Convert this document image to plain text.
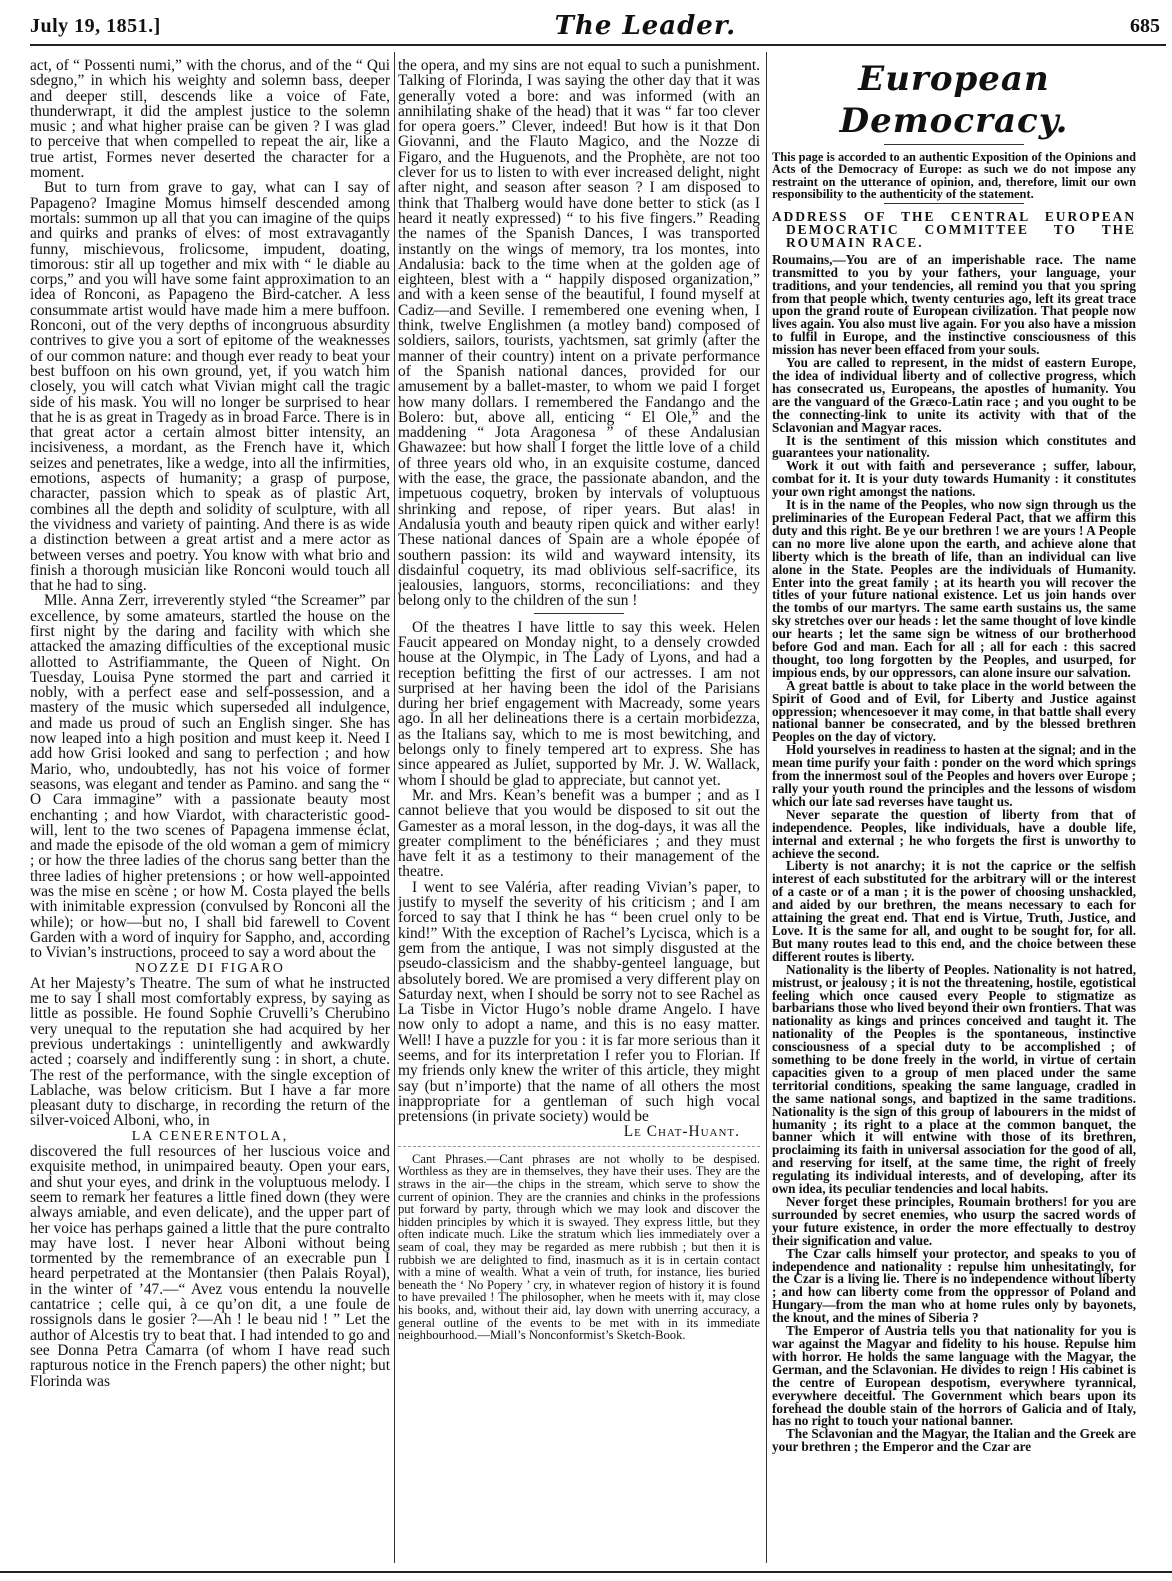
July 19, 1851.]	The Leader.	685

act, of “ Possenti numi,” with the chorus, and of the “ Qui sdegno,” in which his weighty and solemn bass, deeper and deeper still, descends like a voice of Fate, thunderwrapt, it did the amplest justice to the solemn music ; and what higher praise can be given ? I was glad to perceive that when compelled to repeat the air, like a true artist, Formes never deserted the character for a moment.

But to turn from grave to gay, what can I say of Papageno? Imagine Momus himself descended among mortals: summon up all that you can imagine of the quips and quirks and pranks of elves: of most extravagantly funny, mischievous, frolicsome, impudent, doating, timorous: stir all up together and mix with “ le diable au corps,” and you will have some faint approximation to an idea of Ronconi, as Papageno the Bird-catcher. A less consummate artist would have made him a mere buffoon. Ronconi, out of the very depths of incongruous absurdity contrives to give you a sort of epitome of the weaknesses of our common nature: and though ever ready to beat your best buffoon on his own ground, yet, if you watch him closely, you will catch what Vivian might call the tragic side of his mask. You will no longer be surprised to hear that he is as great in Tragedy as in broad Farce. There is in that great actor a certain almost bitter intensity, an incisiveness, a mordant, as the French have it, which seizes and penetrates, like a wedge, into all the infirmities, emotions, aspects of humanity; a grasp of purpose, character, passion which to speak as of plastic Art, combines all the depth and solidity of sculpture, with all the vividness and variety of painting. And there is as wide a distinction between a great artist and a mere actor as between verses and poetry. You know with what brio and finish a thorough musician like Ronconi would touch all that he had to sing.

Mlle. Anna Zerr, irreverently styled “the Screamer” par excellence, by some amateurs, startled the house on the first night by the daring and facility with which she attacked the amazing difficulties of the exceptional music allotted to Astrifiammante, the Queen of Night. On Tuesday, Louisa Pyne stormed the part and carried it nobly, with a perfect ease and self-possession, and a mastery of the music which superseded all indulgence, and made us proud of such an English singer. She has now leaped into a high position and must keep it. Need I add how Grisi looked and sang to perfection ; and how Mario, who, undoubtedly, has not his voice of former seasons, was elegant and tender as Pamino. and sang the “ O Cara immagine” with a passionate beauty most enchanting ; and how Viardot, with characteristic good-will, lent to the two scenes of Papagena immense éclat, and made the episode of the old woman a gem of mimicry ; or how the three ladies of the chorus sang better than the three ladies of higher pretensions ; or how well-appointed was the mise en scène ; or how M. Costa played the bells with inimitable expression (convulsed by Ronconi all the while); or how—but no, I shall bid farewell to Covent Garden with a word of inquiry for Sappho, and, according to Vivian’s instructions, proceed to say a word about the

NOZZE DI FIGARO

At her Majesty’s Theatre. The sum of what he instructed me to say I shall most comfortably express, by saying as little as possible. He found Sophie Cruvelli’s Cherubino very unequal to the reputation she had acquired by her previous undertakings : unintelligently and awkwardly acted ; coarsely and indifferently sung : in short, a chute. The rest of the performance, with the single exception of Lablache, was below criticism. But I have a far more pleasant duty to discharge, in recording the return of the silver-voiced Alboni, who, in

LA CENERENTOLA,

discovered the full resources of her luscious voice and exquisite method, in unimpaired beauty. Open your ears, and shut your eyes, and drink in the voluptuous melody. I seem to remark her features a little fined down (they were always amiable, and even delicate), and the upper part of her voice has perhaps gained a little that the pure contralto may have lost. I never hear Alboni without being tormented by the remembrance of an execrable pun I heard perpetrated at the Montansier (then Palais Royal), in the winter of ’47.—“ Avez vous entendu la nouvelle cantatrice ; celle qui, à ce qu’on dit, a une foule de rossignols dans le gosier ?—Ah ! le beau nid ! ” Let the author of Alcestis try to beat that. I had intended to go and see Donna Petra Camarra (of whom I have read such rapturous notice in the French papers) the other night; but Florinda was

the opera, and my sins are not equal to such a punishment. Talking of Florinda, I was saying the other day that it was generally voted a bore: and was informed (with an annihilating shake of the head) that it was “ far too clever for opera goers.” Clever, indeed! But how is it that Don Giovanni, and the Flauto Magico, and the Nozze di Figaro, and the Huguenots, and the Prophète, are not too clever for us to listen to with ever increased delight, night after night, and season after season ? I am disposed to think that Thalberg would have done better to stick (as I heard it neatly expressed) “ to his five fingers.” Reading the names of the Spanish Dances, I was transported instantly on the wings of memory, tra los montes, into Andalusia: back to the time when at the golden age of eighteen, blest with a “ happily disposed organization,” and with a keen sense of the beautiful, I found myself at Cadiz—and Seville. I remembered one evening when, I think, twelve Englishmen (a motley band) composed of soldiers, sailors, tourists, yachtsmen, sat grimly (after the manner of their country) intent on a private performance of the Spanish national dances, provided for our amusement by a ballet-master, to whom we paid I forget how many dollars. I remembered the Fandango and the Bolero: but, above all, enticing “ El Ole,” and the maddening “ Jota Aragonesa ” of these Andalusian Ghawazee: but how shall I forget the little love of a child of three years old who, in an exquisite costume, danced with the ease, the grace, the passionate abandon, and the impetuous coquetry, broken by intervals of voluptuous shrinking and repose, of riper years. But alas! in Andalusia youth and beauty ripen quick and wither early! These national dances of Spain are a whole épopée of southern passion: its wild and wayward intensity, its disdainful coquetry, its mad oblivious self-sacrifice, its jealousies, languors, storms, reconciliations: and they belong only to the children of the sun !

Of the theatres I have little to say this week. Helen Faucit appeared on Monday night, to a densely crowded house at the Olympic, in The Lady of Lyons, and had a reception befitting the first of our actresses. I am not surprised at her having been the idol of the Parisians during her brief engagement with Macready, some years ago. In all her delineations there is a certain morbidezza, as the Italians say, which to me is most bewitching, and belongs only to finely tempered art to express. She has since appeared as Juliet, supported by Mr. J. W. Wallack, whom I should be glad to appreciate, but cannot yet.

Mr. and Mrs. Kean’s benefit was a bumper ; and as I cannot believe that you would be disposed to sit out the Gamester as a moral lesson, in the dog-days, it was all the greater compliment to the bénéficiares ; and they must have felt it as a testimony to their management of the theatre.

I went to see Valéria, after reading Vivian’s paper, to justify to myself the severity of his criticism ; and I am forced to say that I think he has “ been cruel only to be kind!” With the exception of Rachel’s Lycisca, which is a gem from the antique, I was not simply disgusted at the pseudo-classicism and the shabby-genteel language, but absolutely bored. We are promised a very different play on Saturday next, when I should be sorry not to see Rachel as La Tisbe in Victor Hugo’s noble drame Angelo. I have now only to adopt a name, and this is no easy matter. Well! I have a puzzle for you : it is far more serious than it seems, and for its interpretation I refer you to Florian. If my friends only knew the writer of this article, they might say (but n’importe) that the name of all others the most inappropriate for a gentleman of such high vocal pretensions (in private society) would be

Le Chat-Huant.

Cant Phrases.—Cant phrases are not wholly to be despised. Worthless as they are in themselves, they have their uses. They are the straws in the air—the chips in the stream, which serve to show the current of opinion. They are the crannies and chinks in the professions put forward by party, through which we may look and discover the hidden principles by which it is swayed. They express little, but they often indicate much. Like the stratum which lies immediately over a seam of coal, they may be regarded as mere rubbish ; but then it is rubbish we are delighted to find, inasmuch as it is in certain contact with a mine of wealth. What a vein of truth, for instance, lies buried beneath the ‘ No Popery ’ cry, in whatever region of history it is found to have prevailed ! The philosopher, when he meets with it, may close his books, and, without their aid, lay down with unerring accuracy, a general outline of the events to be met with in its immediate neighbourhood.—Miall’s Nonconformist’s Sketch-Book.

European Democracy.

This page is accorded to an authentic Exposition of the Opinions and Acts of the Democracy of Europe: as such we do not impose any restraint on the utterance of opinion, and, therefore, limit our own responsibility to the authenticity of the statement.

ADDRESS OF THE CENTRAL EUROPEAN DEMOCRATIC COMMITTEE TO THE ROUMAIN RACE.

Roumains,—You are of an imperishable race. The name transmitted to you by your fathers, your language, your traditions, and your tendencies, all remind you that you spring from that people which, twenty centuries ago, left its great trace upon the grand route of European civilization. That people now lives again. You also must live again. For you also have a mission to fulfil in Europe, and the instinctive consciousness of this mission has never been effaced from your souls.

You are called to represent, in the midst of eastern Europe, the idea of individual liberty and of collective progress, which has consecrated us, Europeans, the apostles of humanity. You are the vanguard of the Græco-Latin race ; and you ought to be the connecting-link to unite its activity with that of the Sclavonian and Magyar races.

It is the sentiment of this mission which constitutes and guarantees your nationality.

Work it out with faith and perseverance ; suffer, labour, combat for it. It is your duty towards Humanity : it constitutes your own right amongst the nations.

It is in the name of the Peoples, who now sign through us the preliminaries of the European Federal Pact, that we affirm this duty and this right. Be ye our brethren ! we are yours ! A People can no more live alone upon the earth, and achieve alone that liberty which is the breath of life, than an individual can live alone in the State. Peoples are the individuals of Humanity. Enter into the great family ; at its hearth you will recover the titles of your future national existence. Let us join hands over the tombs of our martyrs. The same earth sustains us, the same sky stretches over our heads : let the same thought of love kindle our hearts ; let the same sign be witness of our brotherhood before God and man. Each for all ; all for each : this sacred thought, too long forgotten by the Peoples, and usurped, for impious ends, by our oppressors, can alone insure our salvation.

A great battle is about to take place in the world between the Spirit of Good and of Evil, for Liberty and Justice against oppression; whencesoever it may come, in that battle shall every national banner be consecrated, and by the blessed brethren Peoples on the day of victory.

Hold yourselves in readiness to hasten at the signal; and in the mean time purify your faith : ponder on the word which springs from the innermost soul of the Peoples and hovers over Europe ; rally your youth round the principles and the lessons of wisdom which our late sad reverses have taught us.

Never separate the question of liberty from that of independence. Peoples, like individuals, have a double life, internal and external ; he who forgets the first is unworthy to achieve the second.

Liberty is not anarchy; it is not the caprice or the selfish interest of each substituted for the arbitrary will or the interest of a caste or of a man ; it is the power of choosing unshackled, and aided by our brethren, the means necessary to each for attaining the great end. That end is Virtue, Truth, Justice, and Love. It is the same for all, and ought to be sought for, for all. But many routes lead to this end, and the choice between these different routes is liberty.

Nationality is the liberty of Peoples. Nationality is not hatred, mistrust, or jealousy ; it is not the threatening, hostile, egotistical feeling which once caused every People to stigmatize as barbarians those who lived beyond their own frontiers. That was nationality as kings and princes conceived and taught it. The nationality of the Peoples is the spontaneous, instinctive consciousness of a special duty to be accomplished ; of something to be done freely in the world, in virtue of certain capacities given to a group of men placed under the same territorial conditions, speaking the same language, cradled in the same national songs, and baptized in the same traditions. Nationality is the sign of this group of labourers in the midst of humanity ; its right to a place at the common banquet, the banner which it will entwine with those of its brethren, proclaiming its faith in universal association for the good of all, and reserving for itself, at the same time, the right of freely regulating its individual interests, and of developing, after its own idea, its peculiar tendencies and local habits.

Never forget these principles, Roumain brothers! for you are surrounded by secret enemies, who usurp the sacred words of your future existence, in order the more effectually to destroy their signification and value.

The Czar calls himself your protector, and speaks to you of independence and nationality : repulse him unhesitatingly, for the Czar is a living lie. There is no independence without liberty ; and how can liberty come from the oppressor of Poland and Hungary—from the man who at home rules only by bayonets, the knout, and the mines of Siberia ?

The Emperor of Austria tells you that nationality for you is war against the Magyar and fidelity to his house. Repulse him with horror. He holds the same language with the Magyar, the German, and the Sclavonian. He divides to reign ! His cabinet is the centre of European despotism, everywhere tyrannical, everywhere deceitful. The Government which bears upon its forehead the double stain of the horrors of Galicia and of Italy, has no right to touch your national banner.

The Sclavonian and the Magyar, the Italian and the Greek are your brethren ; the Emperor and the Czar are
